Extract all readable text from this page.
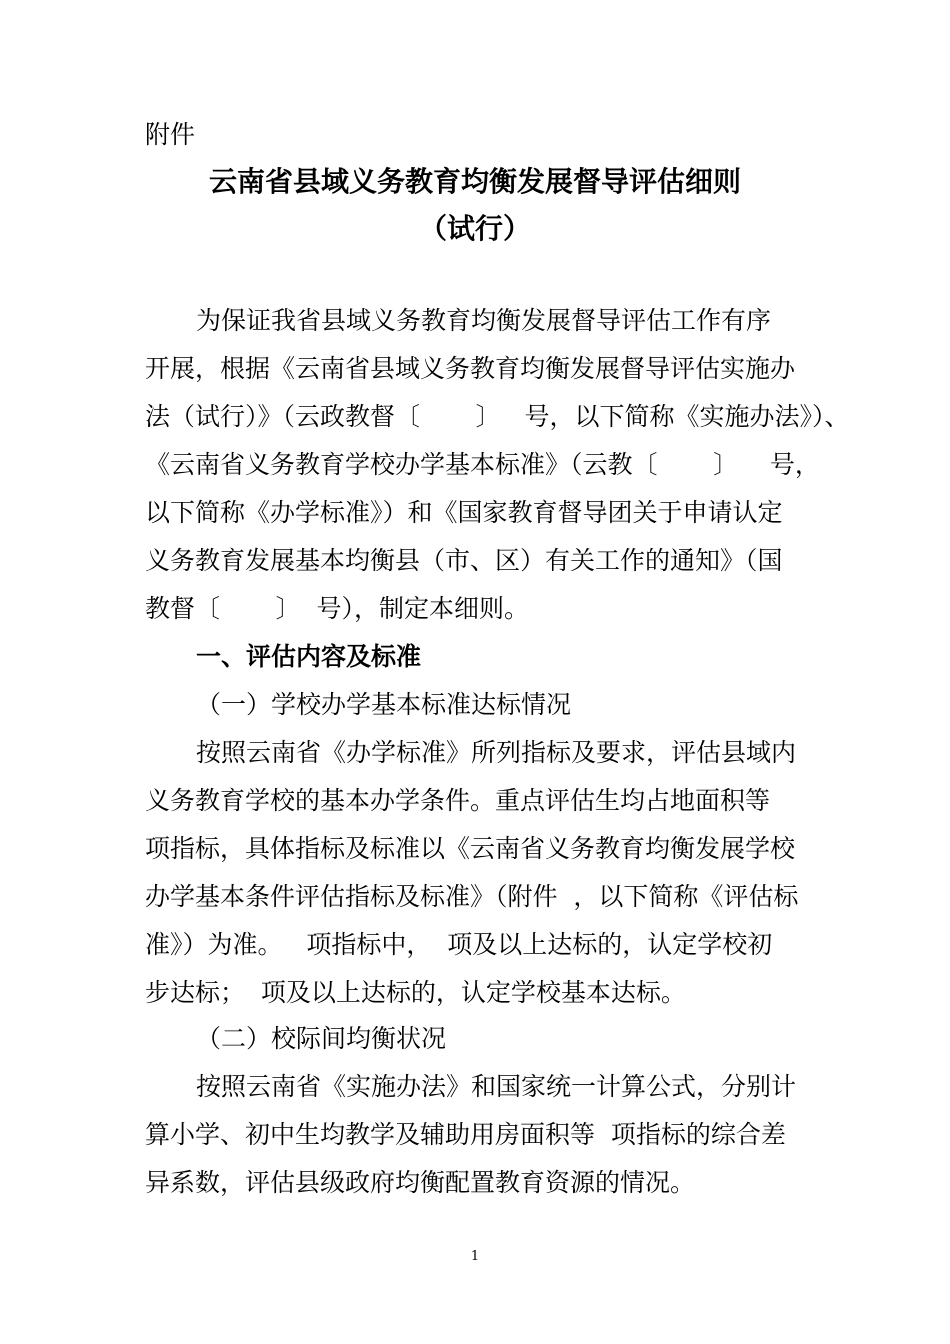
附件
云南省县域义务教育均衡发展督导评估细则
（试行）
为保证我省县域义务教育均衡发展督导评估工作有序
开展，根据《云南省县域义务教育均衡发展督导评估实施办
法（试行）》（云政教督〔       〕   号，以下简称《实施办法》）、
《云南省义务教育学校办学基本标准》（云教〔       〕    号，
以下简称《办学标准》）和《国家教育督导团关于申请认定
义务教育发展基本均衡县（市、区）有关工作的通知》（国
教督〔       〕  号），制定本细则。
一、评估内容及标准
（一）学校办学基本标准达标情况
按照云南省《办学标准》所列指标及要求，评估县域内
义务教育学校的基本办学条件。重点评估生均占地面积等
项指标，具体指标及标准以《云南省义务教育均衡发展学校
办学基本条件评估指标及标准》（附件  ，以下简称《评估标
准》）为准。   项指标中，  项及以上达标的，认定学校初
步达标；  项及以上达标的，认定学校基本达标。
（二）校际间均衡状况
按照云南省《实施办法》和国家统一计算公式，分别计
算小学、初中生均教学及辅助用房面积等  项指标的综合差
异系数，评估县级政府均衡配置教育资源的情况。
1
